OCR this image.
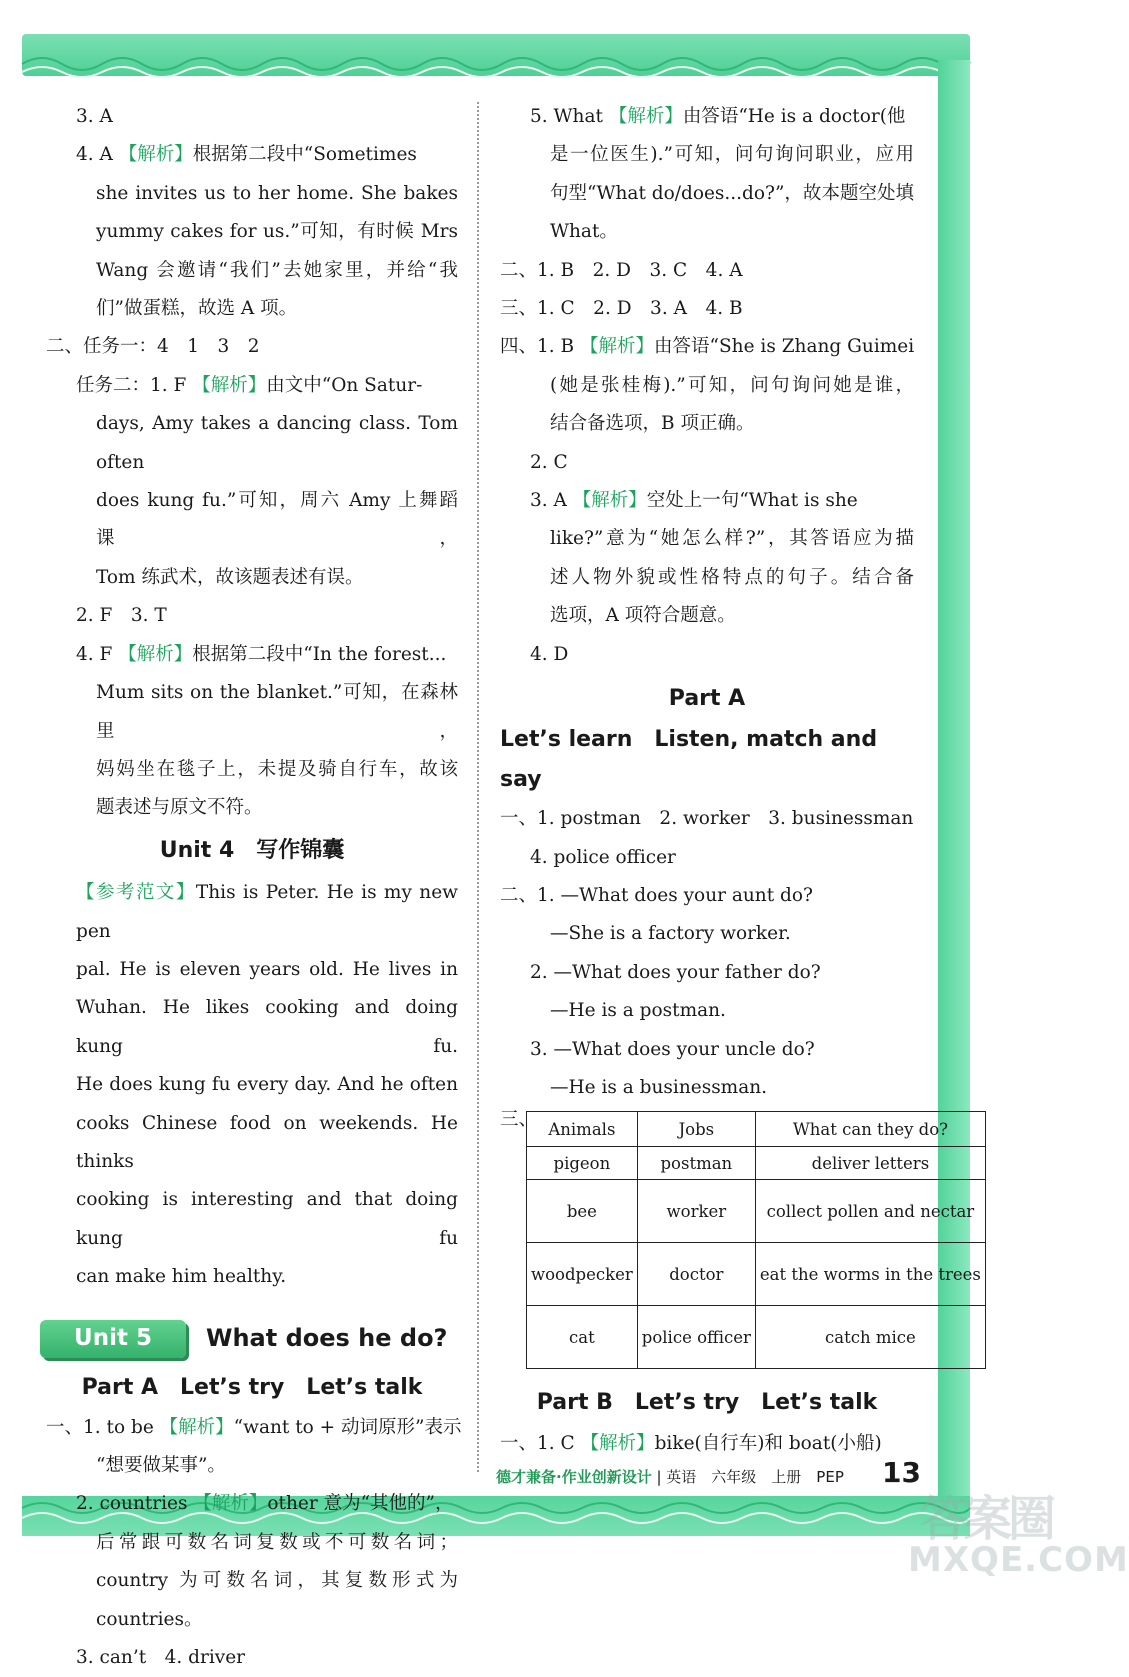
3. A
4. A 【解析】根据第二段中“Sometimes
she invites us to her home. She bakes
yummy cakes for us.”可知，有时候 Mrs
Wang 会邀请“我们”去她家里，并给“我
们”做蛋糕，故选 A 项。
二、任务一：4　1　3　2
任务二：1. F 【解析】由文中“On Satur-
days, Amy takes a dancing class. Tom often
does kung fu.”可知，周六 Amy 上舞蹈课，
Tom 练武术，故该题表述有误。
2. F　3. T
4. F 【解析】根据第二段中“In the forest...
Mum sits on the blanket.”可知，在森林里，
妈妈坐在毯子上，未提及骑自行车，故该
题表述与原文不符。
Unit 4　写作锦囊
【参考范文】This is Peter. He is my new pen
pal. He is eleven years old. He lives in
Wuhan. He likes cooking and doing kung fu.
He does kung fu every day. And he often
cooks Chinese food on weekends. He thinks
cooking is interesting and that doing kung fu
can make him healthy.
Unit 5	What does he do?
Part A　Let’s try　Let’s talk
一、1. to be 【解析】“want to + 动词原形”表示
“想要做某事”。
2. countries 【解析】other 意为“其他的”，
后常跟可数名词复数或不可数名词；
country 为可数名词，其复数形式为
countries。
3. can’t　4. driver
5. What 【解析】由答语“He is a doctor(他
是一位医生).”可知，问句询问职业，应用
句型“What do/does...do?”，故本题空处填
What。
二、1. B　2. D　3. C　4. A
三、1. C　2. D　3. A　4. B
四、1. B 【解析】由答语“She is Zhang Guimei
(她是张桂梅).”可知，问句询问她是谁，
结合备选项，B 项正确。
2. C
3. A 【解析】空处上一句“What is she
like?”意为“她怎么样?”，其答语应为描
述人物外貌或性格特点的句子。结合备
选项，A 项符合题意。
4. D
Part A
Let’s learn　Listen, match and say
一、1. postman　2. worker　3. businessman
4. police officer
二、1. —What does your aunt do?
—She is a factory worker.
2. —What does your father do?
—He is a postman.
3. —What does your uncle do?
—He is a businessman.
三、 Animals	Jobs	What can they do?
pigeon	postman	deliver letters
bee	worker	collect pollen and nectar
woodpecker	doctor	eat the worms in the trees
cat	police officer	catch mice
Part B　Let’s try　Let’s talk
一、1. C 【解析】bike(自行车)和 boat(小船)
德才兼备·作业创新设计 | 英语　六年级　上册　PEP 13
答案圈
MXQE.COM
